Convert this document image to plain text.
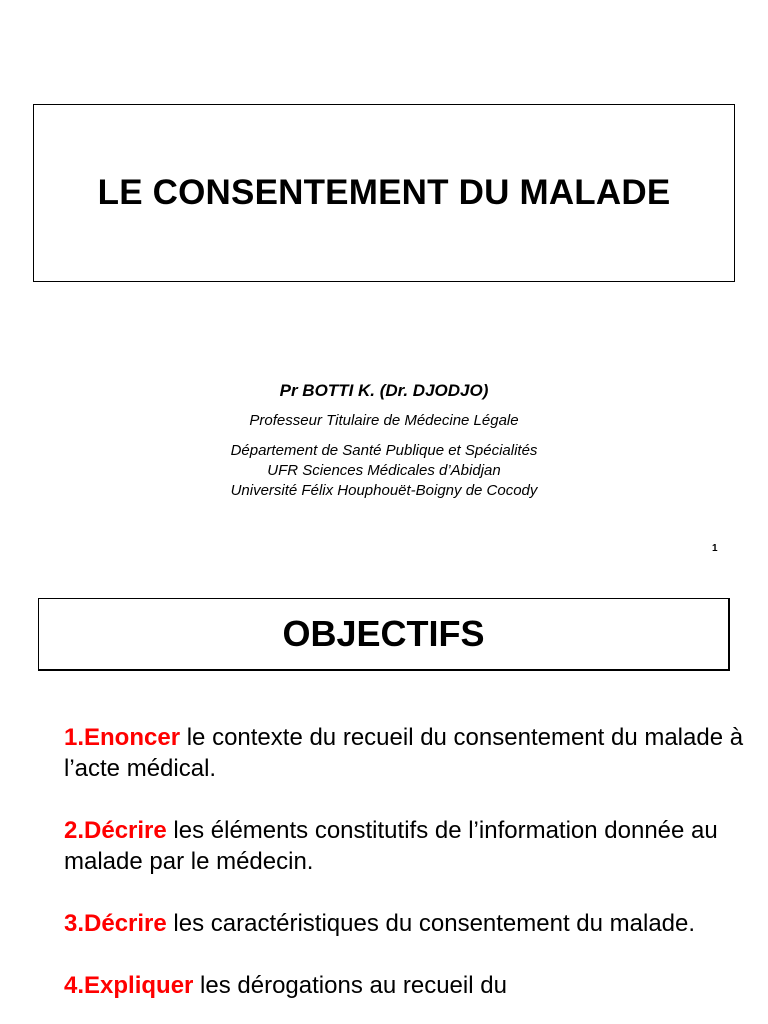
LE CONSENTEMENT DU MALADE
Pr BOTTI K. (Dr. DJODJO)
Professeur Titulaire de Médecine Légale
Département de Santé Publique et Spécialités
UFR Sciences Médicales d’Abidjan
Université Félix Houphouët-Boigny de Cocody
1
OBJECTIFS
1.Enoncer le contexte du recueil du consentement du malade à l’acte médical.
2.Décrire les éléments constitutifs de l’information donnée au malade par le médecin.
3.Décrire les caractéristiques du consentement du malade.
4.Expliquer les dérogations au recueil du
